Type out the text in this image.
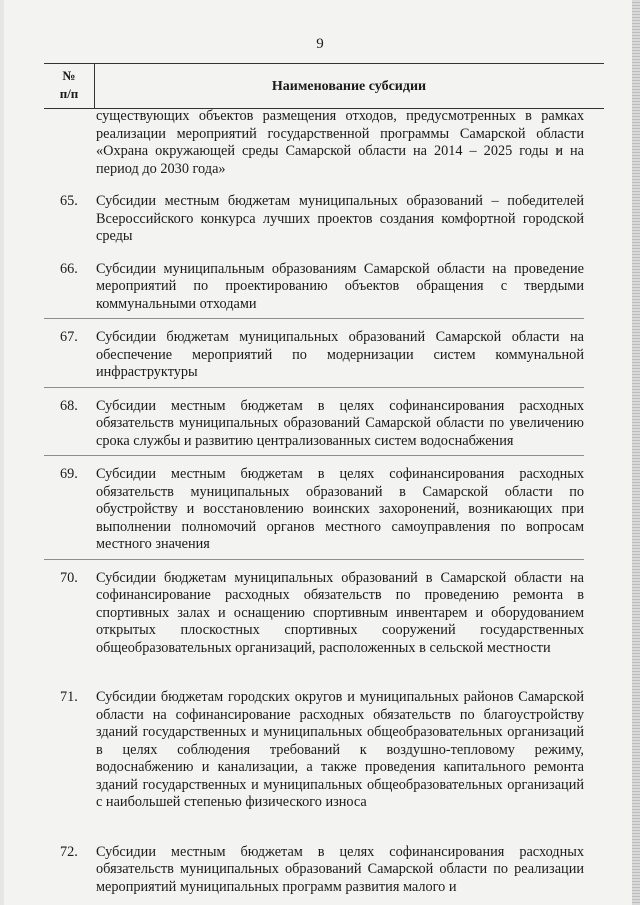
9
№
п/п	Наименование субсидии

существующих объектов размещения отходов, предусмотренных в рамках реализации мероприятий государственной программы Самарской области «Охрана окружающей среды Самарской области на 2014 – 2025 годы и на период до 2030 года»

65.	Субсидии местным бюджетам муниципальных образований – победителей Всероссийского конкурса лучших проектов создания комфортной городской среды
66.	Субсидии муниципальным образованиям Самарской области на проведение мероприятий по проектированию объектов обращения с твердыми коммунальными отходами
67.	Субсидии бюджетам муниципальных образований Самарской области на обеспечение мероприятий по модернизации систем коммунальной инфраструктуры
68.	Субсидии местным бюджетам в целях софинансирования расходных обязательств муниципальных образований Самарской области по увеличению срока службы и развитию централизованных систем водоснабжения
69.	Субсидии местным бюджетам в целях софинансирования расходных обязательств муниципальных образований в Самарской области по обустройству и восстановлению воинских захоронений, возникающих при выполнении полномочий органов местного самоуправления по вопросам местного значения
70.	Субсидии бюджетам муниципальных образований в Самарской области на софинансирование расходных обязательств по проведению ремонта в спортивных залах и оснащению спортивным инвентарем и оборудованием открытых плоскостных спортивных сооружений государственных общеобразовательных организаций, расположенных в сельской местности
71.	Субсидии бюджетам городских округов и муниципальных районов Самарской области на софинансирование расходных обязательств по благоустройству зданий государственных и муниципальных общеобразовательных организаций в целях соблюдения требований к воздушно-тепловому режиму, водоснабжению и канализации, а также проведения капитального ремонта зданий государственных и муниципальных общеобразовательных организаций с наибольшей степенью физического износа
72.	Субсидии местным бюджетам в целях софинансирования расходных обязательств муниципальных образований Самарской области по реализации мероприятий муниципальных программ развития малого и
